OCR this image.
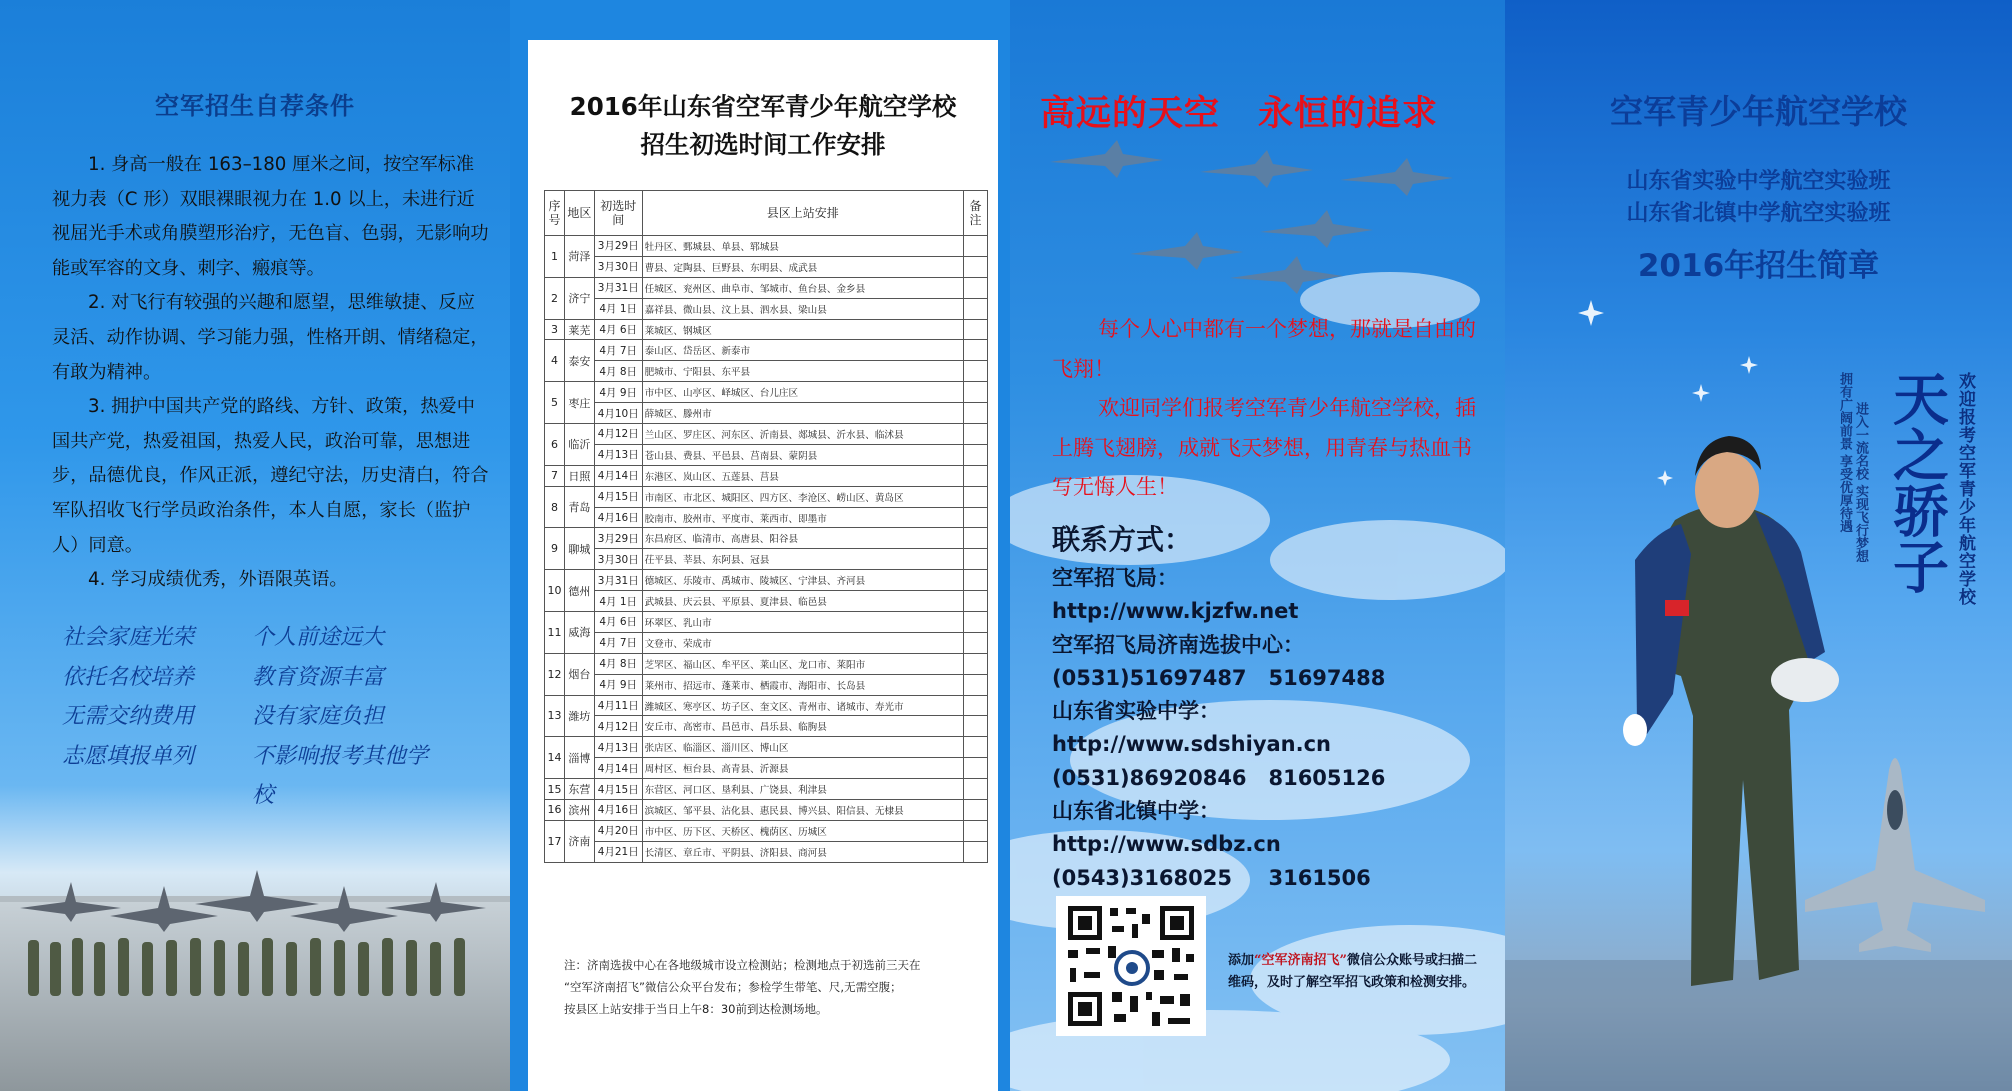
空军招生自荐条件

1. 身高一般在 163–180 厘米之间，按空军标准视力表（C 形）双眼裸眼视力在 1.0 以上，未进行近视屈光手术或角膜塑形治疗，无色盲、色弱，无影响功能或军容的文身、刺字、瘢痕等。

2. 对飞行有较强的兴趣和愿望，思维敏捷、反应灵活、动作协调、学习能力强，性格开朗、情绪稳定，有敢为精神。

3. 拥护中国共产党的路线、方针、政策，热爱中国共产党，热爱祖国，热爱人民，政治可靠，思想进步，品德优良，作风正派，遵纪守法，历史清白，符合军队招收飞行学员政治条件，本人自愿，家长（监护人）同意。

4. 学习成绩优秀，外语限英语。

社会家庭光荣	个人前途远大
依托名校培养	教育资源丰富
无需交纳费用	没有家庭负担
志愿填报单列	不影响报考其他学校
2016年山东省空军青少年航空学校
招生初选时间工作安排
序号	地区	初选时间	县区上站安排	备注
1	菏泽	3月29日	牡丹区、鄄城县、单县、郓城县	
		3月30日	曹县、定陶县、巨野县、东明县、成武县	
2	济宁	3月31日	任城区、兖州区、曲阜市、邹城市、鱼台县、金乡县	
		4月 1日	嘉祥县、微山县、汶上县、泗水县、梁山县	
3	莱芜	4月 6日	莱城区、钢城区	
4	泰安	4月 7日	泰山区、岱岳区、新泰市	
		4月 8日	肥城市、宁阳县、东平县	
5	枣庄	4月 9日	市中区、山亭区、峄城区、台儿庄区	
		4月10日	薛城区、滕州市	
6	临沂	4月12日	兰山区、罗庄区、河东区、沂南县、郯城县、沂水县、临沭县	
		4月13日	苍山县、费县、平邑县、莒南县、蒙阴县	
7	日照	4月14日	东港区、岚山区、五莲县、莒县	
8	青岛	4月15日	市南区、市北区、城阳区、四方区、李沧区、崂山区、黄岛区	
		4月16日	胶南市、胶州市、平度市、莱西市、即墨市	
9	聊城	3月29日	东昌府区、临清市、高唐县、阳谷县	
		3月30日	茌平县、莘县、东阿县、冠县	
10	德州	3月31日	德城区、乐陵市、禹城市、陵城区、宁津县、齐河县	
		4月 1日	武城县、庆云县、平原县、夏津县、临邑县	
11	威海	4月 6日	环翠区、乳山市	
		4月 7日	文登市、荣成市	
12	烟台	4月 8日	芝罘区、福山区、牟平区、莱山区、龙口市、莱阳市	
		4月 9日	莱州市、招远市、蓬莱市、栖霞市、海阳市、长岛县	
13	潍坊	4月11日	潍城区、寒亭区、坊子区、奎文区、青州市、诸城市、寿光市	
		4月12日	安丘市、高密市、昌邑市、昌乐县、临朐县	
14	淄博	4月13日	张店区、临淄区、淄川区、博山区	
		4月14日	周村区、桓台县、高青县、沂源县	
15	东营	4月15日	东营区、河口区、垦利县、广饶县、利津县	
16	滨州	4月16日	滨城区、邹平县、沾化县、惠民县、博兴县、阳信县、无棣县	
17	济南	4月20日	市中区、历下区、天桥区、槐荫区、历城区	
		4月21日	长清区、章丘市、平阴县、济阳县、商河县	
注：济南选拔中心在各地级城市设立检测站；检测地点于初选前三天在
“空军济南招飞”微信公众平台发布；参检学生带笔、尺,无需空腹；
按县区上站安排于当日上午8：30前到达检测场地。
高远的天空 永恒的追求

每个人心中都有一个梦想，那就是自由的飞翔！

欢迎同学们报考空军青少年航空学校，插上腾飞翅膀，成就飞天梦想，用青春与热血书写无悔人生！

联系方式：
空军招飞局：
http://www.kjzfw.net
空军招飞局济南选拔中心：
(0531)51697487   51697488
山东省实验中学：
http://www.sdshiyan.cn
(0531)86920846   81605126
山东省北镇中学：
http://www.sdbz.cn
(0543)3168025     3161506
添加“空军济南招飞”微信公众账号或扫描二维码，及时了解空军招飞政策和检测安排。
空军青少年航空学校
山东省实验中学航空实验班
山东省北镇中学航空实验班
2016年招生简章
欢迎报考空军青少年航空学校
天之骄子
进入一流名校 实现飞行梦想
拥有广阔前景 享受优厚待遇
